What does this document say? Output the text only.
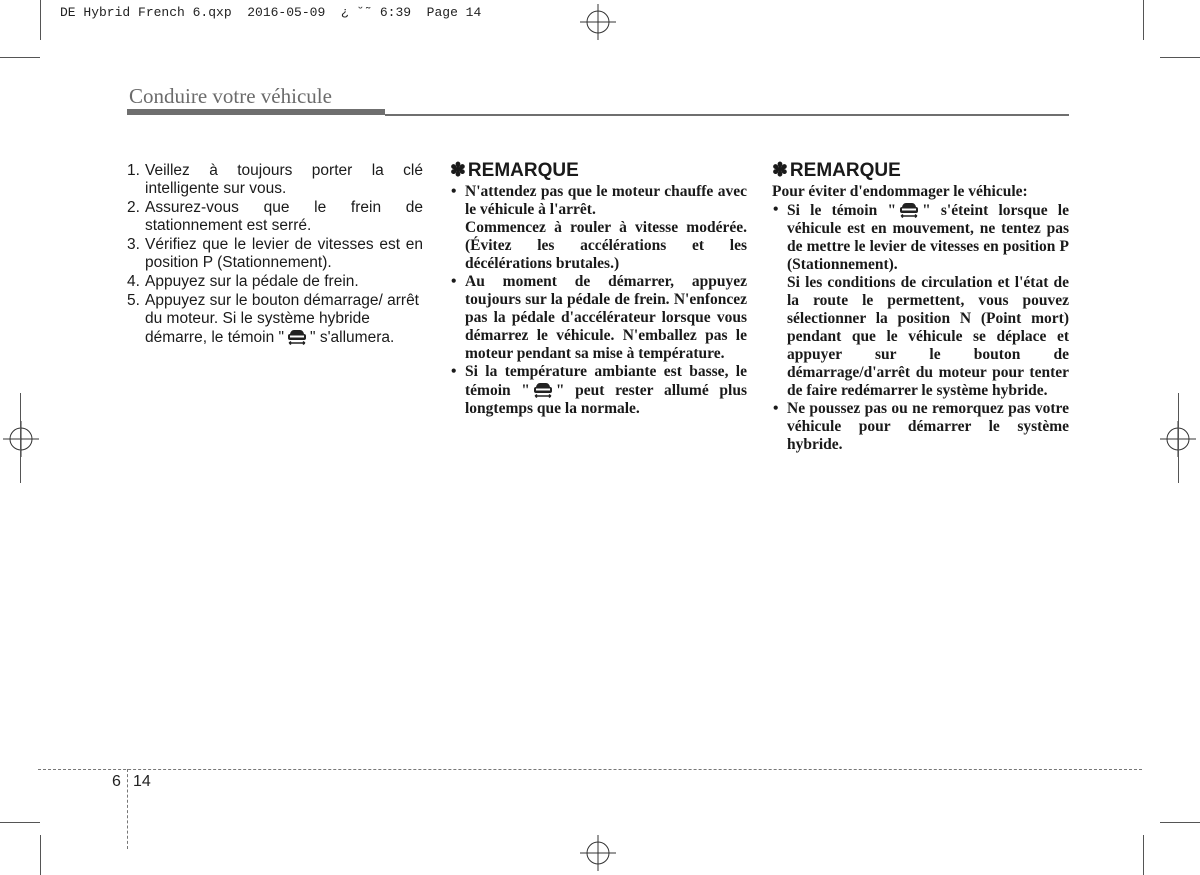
DE Hybrid French 6.qxp  2016-05-09  ¿ ˘˜ 6:39  Page 14
Conduire votre véhicule
1. Veillez à toujours porter la clé intelligente sur vous.
2. Assurez-vous que le frein de stationnement est serré.
3. Vérifiez que le levier de vitesses est en position P (Stationnement).
4. Appuyez sur la pédale de frein.
5. Appuyez sur le bouton démarrage/ arrêt du moteur. Si le système hybride démarre, le témoin " " s'allumera.
✽ REMARQUE

• N'attendez pas que le moteur chauffe avec le véhicule à l'arrêt.

Commencez à rouler à vitesse modérée. (Évitez les accélérations et les décélérations brutales.)

• Au moment de démarrer, appuyez toujours sur la pédale de frein. N'enfoncez pas la pédale d'accélérateur lorsque vous démarrez le véhicule. N'emballez pas le moteur pendant sa mise à température.

• Si la température ambiante est basse, le témoin " " peut rester allumé plus longtemps que la normale.

✽ REMARQUE

Pour éviter d'endommager le véhicule:

• Si le témoin " " s'éteint lorsque le véhicule est en mouvement, ne tentez pas de mettre le levier de vitesses en position P (Stationnement).

Si les conditions de circulation et l'état de la route le permettent, vous pouvez sélectionner la position N (Point mort) pendant que le véhicule se déplace et appuyer sur le bouton de démarrage/d'arrêt du moteur pour tenter de faire redémarrer le système hybride.

• Ne poussez pas ou ne remorquez pas votre véhicule pour démarrer le système hybride.

6 14
